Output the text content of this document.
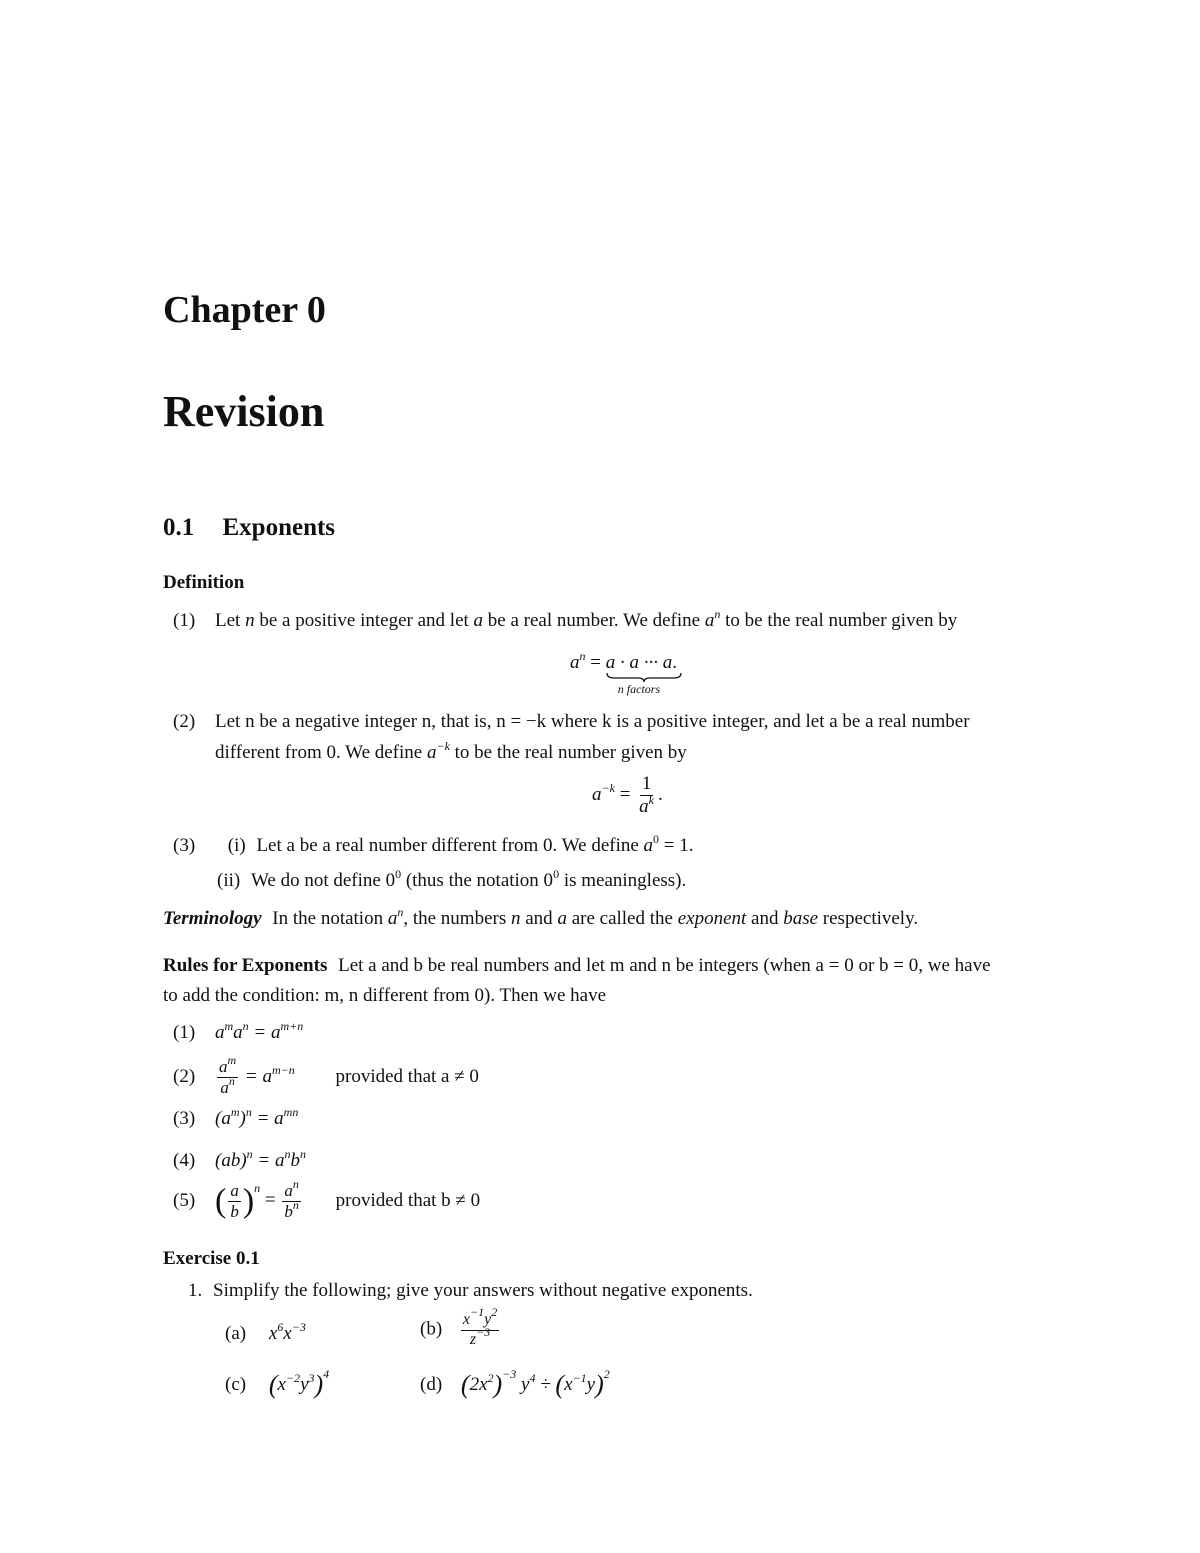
Chapter 0
Revision
0.1 Exponents
Definition
(1) Let n be a positive integer and let a be a real number. We define $a^n$ to be the real number given by
$a^n = a \cdot a$ ··· a
n factors
.
(2) Let n be a negative integer n, that is, n = −k where k is a positive integer, and let a be a real number
different from 0. We define $a^{-k}$ to be the real number given by
$a^{-k} = \frac{1}{a^k}$ .
(3) (i) Let a be a real number different from 0. We define $a^0 = 1$.
(ii) We do not define $0^0$ (thus the notation $0^0$ is meaningless).
Terminology In the notation $a^n$, the numbers n and a are called the exponent and base respectively.
Rules for Exponents Let a and b be real numbers and let m and n be integers (when a = 0 or b = 0, we have
to add the condition: m, n different from 0). Then we have
(1) $a^ma^n = a^{m+n}$
$(2) \frac{a^m}{a^n} = a^{m-n}$ provided that a ≠ 0
(3) $(a^m)^n = a^{mn}$
(4) $(ab)^n = a^nb^n$
(5) ( $\frac{a}{b} )^n = \frac{a^n}{b^n}$ provided that b ≠ 0
Exercise 0.1
1. Simplify the following; give your answers without negative exponents.
(a) $x^6x^{-3}$	$(b) \frac{x^{-1}y^2}{z^{-3}}$
(c) $(x^{-2}y^3)^4$	(d) $(2x^2)^{-3}$ $y^4 \div (x^{-1}y)^2$
